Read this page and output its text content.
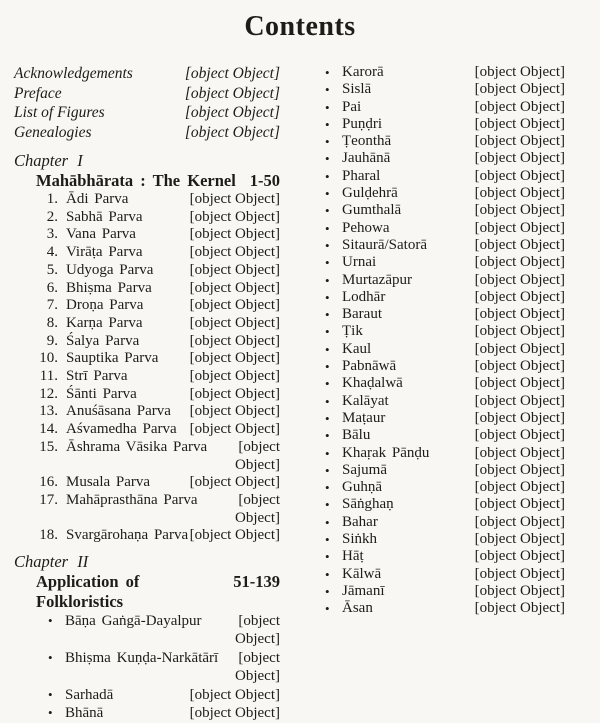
Contents
Acknowledgements	[object Object]
Preface	[object Object]
List of Figures	[object Object]
Genealogies	[object Object]
Chapter I
Mahābhārata : The Kernel 1-50
1. Ādi Parva	[object Object]
2. Sabhā Parva	[object Object]
3. Vana Parva	[object Object]
4. Virāṭa Parva	[object Object]
5. Udyoga Parva	[object Object]
6. Bhiṣma Parva	[object Object]
7. Droṇa Parva	[object Object]
8. Karṇa Parva	[object Object]
9. Śalya Parva	[object Object]
10. Sauptika Parva	[object Object]
11. Strī Parva	[object Object]
12. Śānti Parva	[object Object]
13. Anuśāsana Parva	[object Object]
14. Aśvamedha Parva [object Object]
15. Āshrama Vāsika Parva	[object Object]
16. Musala Parva	[object Object]
17. Mahāprasthāna Parva	[object Object]
18. Svargārohaṇa Parva [object Object]
Chapter II
Application of Folkloristics
51-139
• Bāṇa Gaṅgā-Dayalpur	[object Object]
• Bhiṣma Kuṇḍa-Narkātārī	[object Object]
• Sarhadā	[object Object]
• Bhānā	[object Object]
• Karorā	[object Object]
• Sislā	[object Object]
• Pai	[object Object]
• Puṇḍri	[object Object]
• Ṭeonthā	[object Object]
• Jauhānā	[object Object]
• Pharal	[object Object]
• Gulḍehrā	[object Object]
• Gumthalā	[object Object]
• Pehowa	[object Object]
• Sitaurā/Satorā	[object Object]
• Urnai	[object Object]
• Murtazāpur	[object Object]
• Lodhār	[object Object]
• Baraut	[object Object]
• Ṭik	[object Object]
• Kaul	[object Object]
• Pabnāwā	[object Object]
• Khaḍalwā	[object Object]
• Kalāyat	[object Object]
• Maṭaur	[object Object]
• Bālu	[object Object]
• Khaṛak Pānḍu	[object Object]
• Sajumā	[object Object]
• Guhṇā	[object Object]
• Sāṅghaṇ	[object Object]
• Bahar	[object Object]
• Siṅkh	[object Object]
• Hāṭ	[object Object]
• Kālwā	[object Object]
• Jāmanī	[object Object]
• Āsan	[object Object]
